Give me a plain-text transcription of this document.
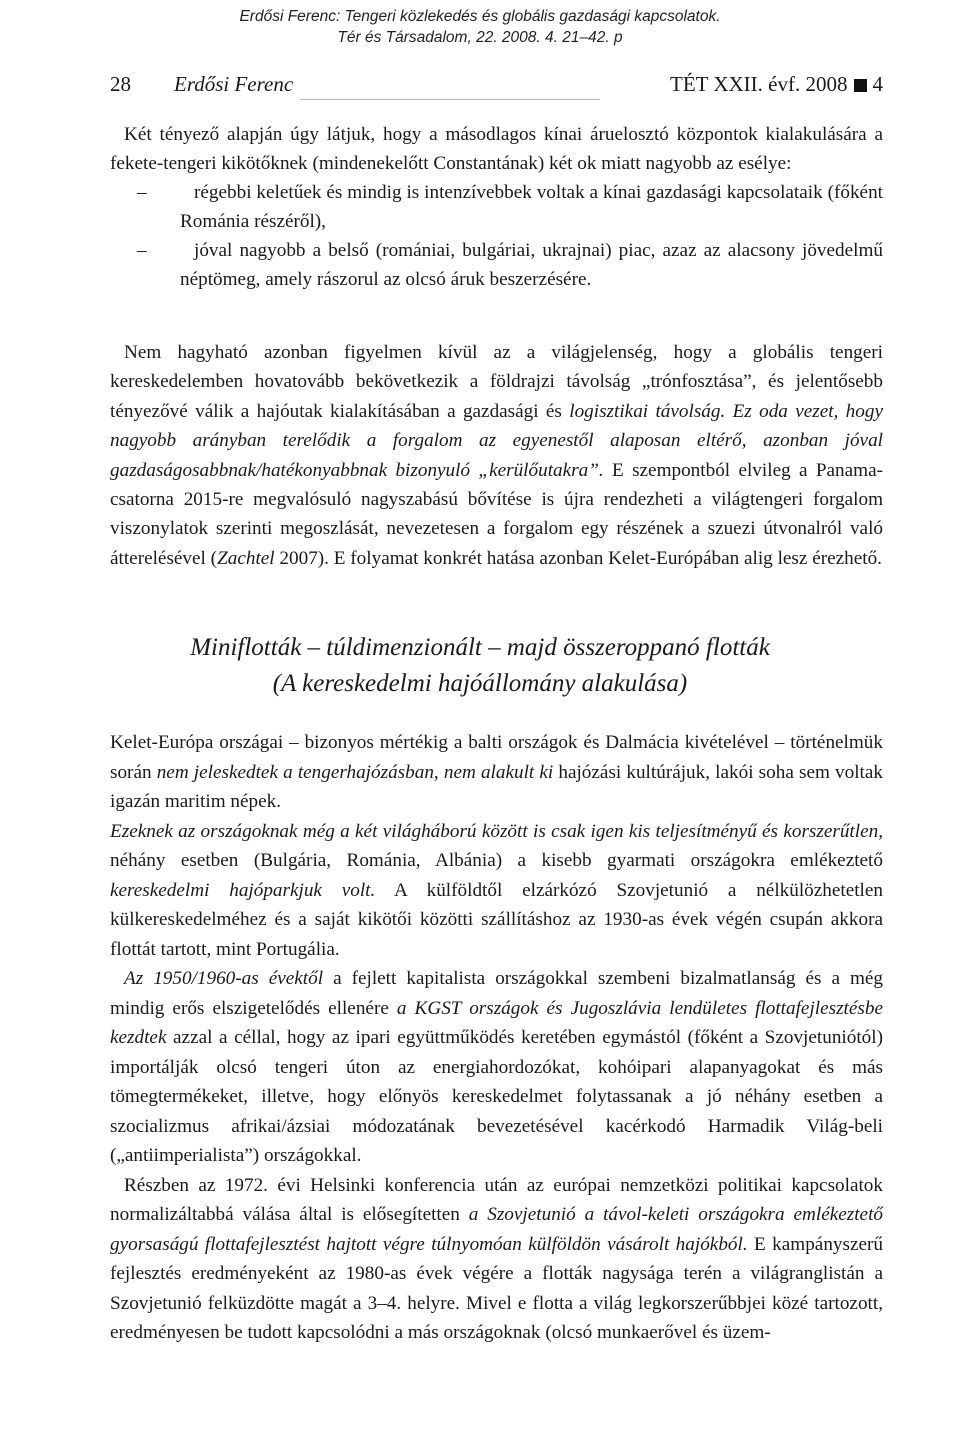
Erdősi Ferenc: Tengeri közlekedés és globális gazdasági kapcsolatok.
Tér és Társadalom, 22. 2008. 4. 21–42. p
28 Erdősi Ferenc	TÉT XXII. évf. 2008 4

Két tényező alapján úgy látjuk, hogy a másodlagos kínai áruelosztó központok kialakulására a fekete-tengeri kikötőknek (mindenekelőtt Constantának) két ok miatt nagyobb az esélye:

– régebbi keletűek és mindig is intenzívebbek voltak a kínai gazdasági kapcsolataik (főként Románia részéről),

– jóval nagyobb a belső (romániai, bulgáriai, ukrajnai) piac, azaz az alacsony jövedelmű néptömeg, amely rászorul az olcsó áruk beszerzésére.

Nem hagyható azonban figyelmen kívül az a világjelenség, hogy a globális tengeri kereskedelemben hovatovább bekövetkezik a földrajzi távolság „trónfosztása”, és jelentősebb tényezővé válik a hajóutak kialakításában a gazdasági és logisztikai távolság. Ez oda vezet, hogy nagyobb arányban terelődik a forgalom az egyenestől alaposan eltérő, azonban jóval gazdaságosabbnak/hatékonyabbnak bizonyuló „kerülőutakra”. E szempontból elvileg a Panama-csatorna 2015-re megvalósuló nagyszabású bővítése is újra rendezheti a világtengeri forgalom viszonylatok szerinti megoszlását, nevezetesen a forgalom egy részének a szuezi útvonalról való átterelésével (Zachtel 2007). E folyamat konkrét hatása azonban Kelet-Európában alig lesz érezhető.

Miniflották – túldimenzionált – majd összeroppanó flották
(A kereskedelmi hajóállomány alakulása)

Kelet-Európa országai – bizonyos mértékig a balti országok és Dalmácia kivételével – történelmük során nem jeleskedtek a tengerhajózásban, nem alakult ki hajózási kultúrájuk, lakói soha sem voltak igazán maritim népek.

Ezeknek az országoknak még a két világháború között is csak igen kis teljesítményű és korszerűtlen, néhány esetben (Bulgária, Románia, Albánia) a kisebb gyarmati országokra emlékeztető kereskedelmi hajóparkjuk volt. A külföldtől elzárkózó Szovjetunió a nélkülözhetetlen külkereskedelméhez és a saját kikötői közötti szállításhoz az 1930-as évek végén csupán akkora flottát tartott, mint Portugália.

Az 1950/1960-as évektől a fejlett kapitalista országokkal szembeni bizalmatlanság és a még mindig erős elszigetelődés ellenére a KGST országok és Jugoszlávia lendületes flottafejlesztésbe kezdtek azzal a céllal, hogy az ipari együttműködés keretében egymástól (főként a Szovjetuniótól) importálják olcsó tengeri úton az energiahordozókat, kohóipari alapanyagokat és más tömegtermékeket, illetve, hogy előnyös kereskedelmet folytassanak a jó néhány esetben a szocializmus afrikai/ázsiai módozatának bevezetésével kacérkodó Harmadik Világ-beli („antiimperialista”) országokkal.

Részben az 1972. évi Helsinki konferencia után az európai nemzetközi politikai kapcsolatok normalizáltabbá válása által is elősegítetten a Szovjetunió a távol-keleti országokra emlékeztető gyorsaságú flottafejlesztést hajtott végre túlnyomóan külföldön vásárolt hajókból. E kampányszerű fejlesztés eredményeként az 1980-as évek végére a flották nagysága terén a világranglistán a Szovjetunió felküzdötte magát a 3–4. helyre. Mivel e flotta a világ legkorszerűbbjei közé tartozott, eredményesen be tudott kapcsolódni a más országoknak (olcsó munkaerővel és üzem-
